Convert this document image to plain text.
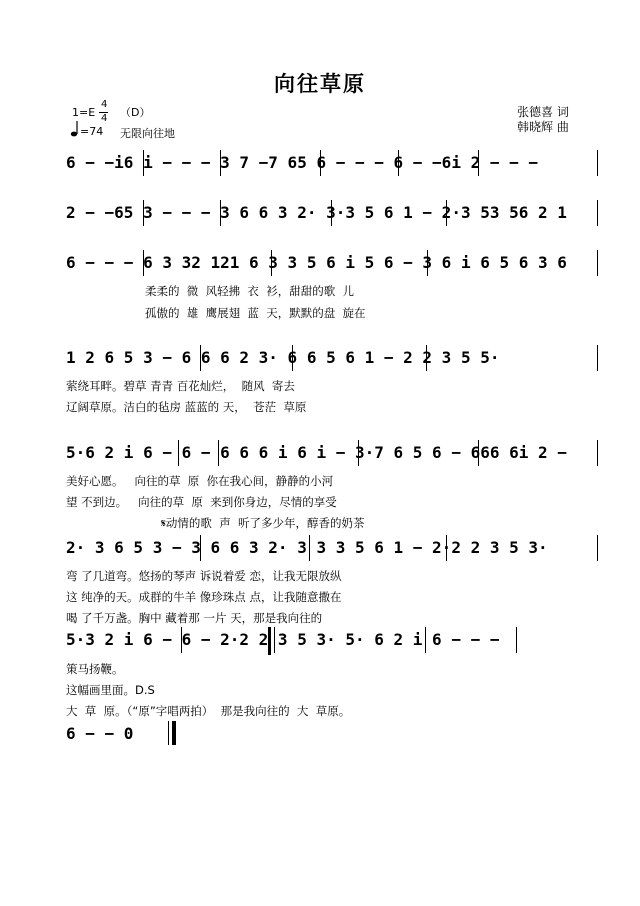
向往草原
1=E
4
4 （D）
=74 无限向往地
张德喜 词
韩晓辉 曲
6 − −i6 i − − − 3 7 −7 65 6 − − − 6 − −6i 2 − − −
2 − −65 3 − − − 3 6 6 3 2· 3·3 5 6 1 − 2·3 53 56 2 1
6 − − − 6 3 32 121 6 3 3 5 6 i 5 6 − 3 6 i 6 5 6 3 6
柔柔的  微  风轻拂  衣  衫，甜甜的歌  儿
孤傲的  雄  鹰展翅  蓝  天，默默的盘  旋在
1 2 6 5 3 − 6 6 6 2 3· 6 6 5 6 1 − 2 2 3 5 5·
萦绕耳畔。碧草 青青 百花灿烂，  随风  寄去
辽阔草原。洁白的毡房 蓝蓝的 天，  苍茫  草原
5·6 2 i 6 − 6 − 6 6 6 i 6 i − 3·7 6 5 6 − 666 6i 2 −
美好心愿。   向往的草  原  你在我心间，静静的小河
望 不到边。   向往的草  原  来到你身边，尽情的享受
𝄋动情的歌  声  听了多少年，醇香的奶茶
2· 3 6 5 3 − 3 6 6 3 2· 3 3 3 5 6 1 − 2·2 2 3 5 3·
弯 了几道弯。悠扬的琴声 诉说着爱 恋，让我无限放纵
这 纯净的天。成群的牛羊 像珍珠点 点，让我随意撒在
喝 了千万盏。胸中 藏着那 一片 天，那是我向往的
5·3 2 i 6 − 6 − 2·2 2 3 5 3· 5· 6 2 i 6 − − −
策马扬鞭。
这幅画里面。D.S
大  草  原。（“原”字唱两拍）  那是我向往的  大  草原。
6 − − 0
